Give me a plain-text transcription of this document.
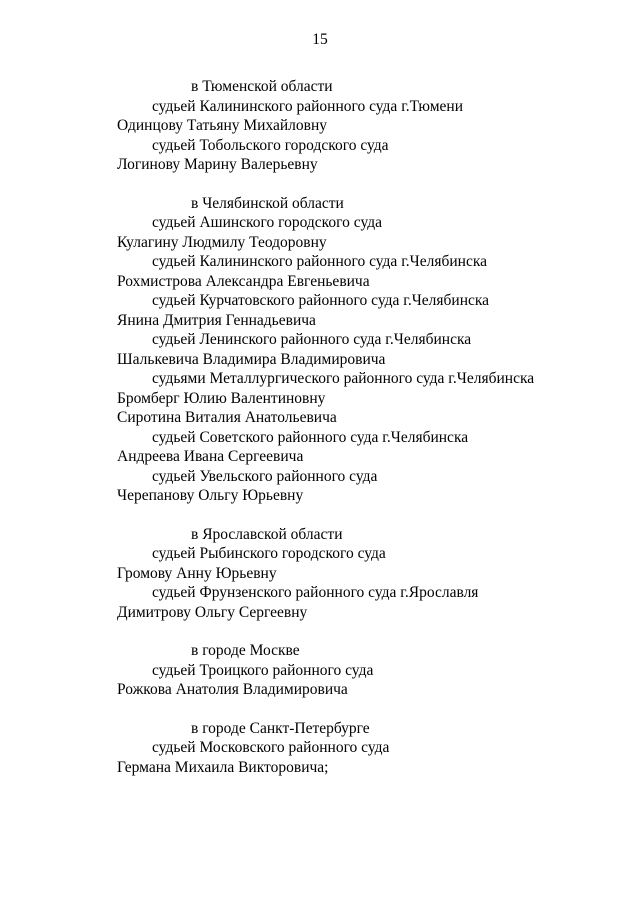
15
в Тюменской области
судьей Калининского районного суда г.Тюмени
Одинцову Татьяну Михайловну
судьей Тобольского городского суда
Логинову Марину Валерьевну
в Челябинской области
судьей Ашинского городского суда
Кулагину Людмилу Теодоровну
судьей Калининского районного суда г.Челябинска
Рохмистрова Александра Евгеньевича
судьей Курчатовского районного суда г.Челябинска
Янина Дмитрия Геннадьевича
судьей Ленинского районного суда г.Челябинска
Шалькевича Владимира Владимировича
судьями Металлургического районного суда г.Челябинска
Бромберг Юлию Валентиновну
Сиротина Виталия Анатольевича
судьей Советского районного суда г.Челябинска
Андреева Ивана Сергеевича
судьей Увельского районного суда
Черепанову Ольгу Юрьевну
в Ярославской области
судьей Рыбинского городского суда
Громову Анну Юрьевну
судьей Фрунзенского районного суда г.Ярославля
Димитрову Ольгу Сергеевну
в городе Москве
судьей Троицкого районного суда
Рожкова Анатолия Владимировича
в городе Санкт-Петербурге
судьей Московского районного суда
Германа Михаила Викторовича;
